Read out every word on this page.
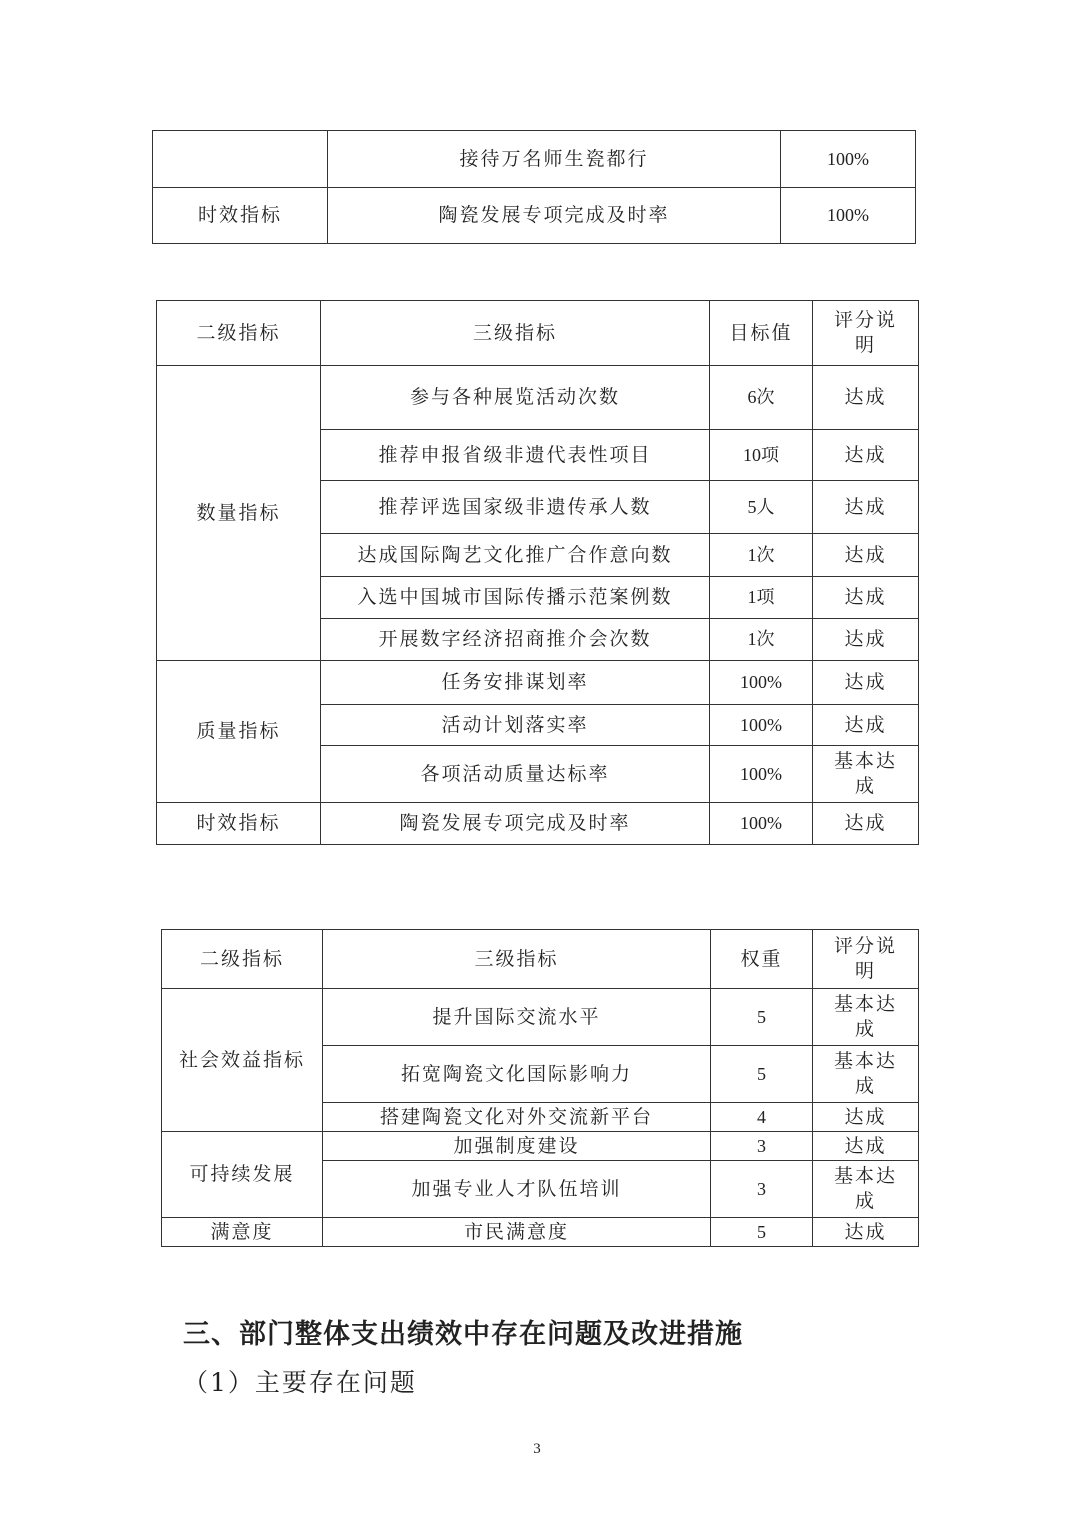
	接待万名师生瓷都行	100%
时效指标	陶瓷发展专项完成及时率	100%
二级指标	三级指标	目标值	评分说明
数量指标	参与各种展览活动次数	6次	达成
	推荐申报省级非遗代表性项目	10项	达成
	推荐评选国家级非遗传承人数	5人	达成
	达成国际陶艺文化推广合作意向数	1次	达成
	入选中国城市国际传播示范案例数	1项	达成
	开展数字经济招商推介会次数	1次	达成
质量指标	任务安排谋划率	100%	达成
	活动计划落实率	100%	达成
	各项活动质量达标率	100%	基本达成
时效指标	陶瓷发展专项完成及时率	100%	达成
二级指标	三级指标	权重	评分说明
社会效益指标	提升国际交流水平	5	基本达成
	拓宽陶瓷文化国际影响力	5	基本达成
	搭建陶瓷文化对外交流新平台	4	达成
可持续发展	加强制度建设	3	达成
	加强专业人才队伍培训	3	基本达成
满意度	市民满意度	5	达成
三、部门整体支出绩效中存在问题及改进措施

（1）主要存在问题

3
